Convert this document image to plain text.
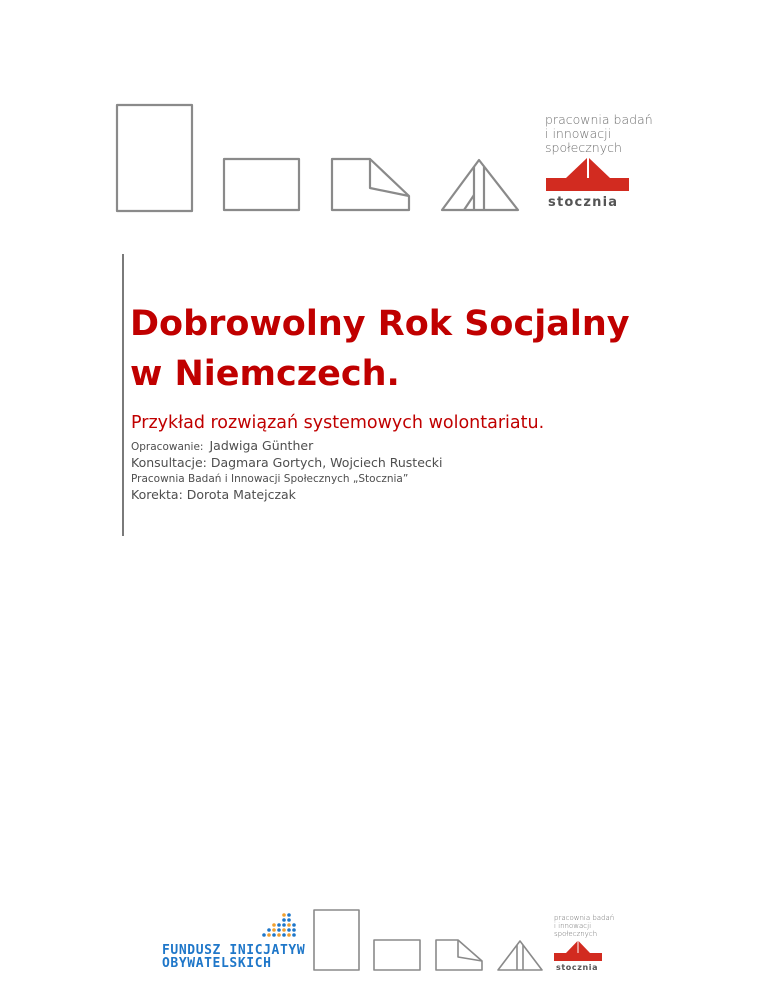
pracownia badań
i innowacji
społecznych
stocznia
Dobrowolny Rok Socjalny
w Niemczech.
Przykład rozwiązań systemowych wolontariatu.
Opracowanie: Jadwiga Günther
Konsultacje: Dagmara Gortych, Wojciech Rustecki
Pracownia Badań i Innowacji Społecznych „Stocznia”
Korekta: Dorota Matejczak
FUNDUSZ INICJATYW
OBYWATELSKICH
pracownia badań
i innowacji
społecznych
stocznia
